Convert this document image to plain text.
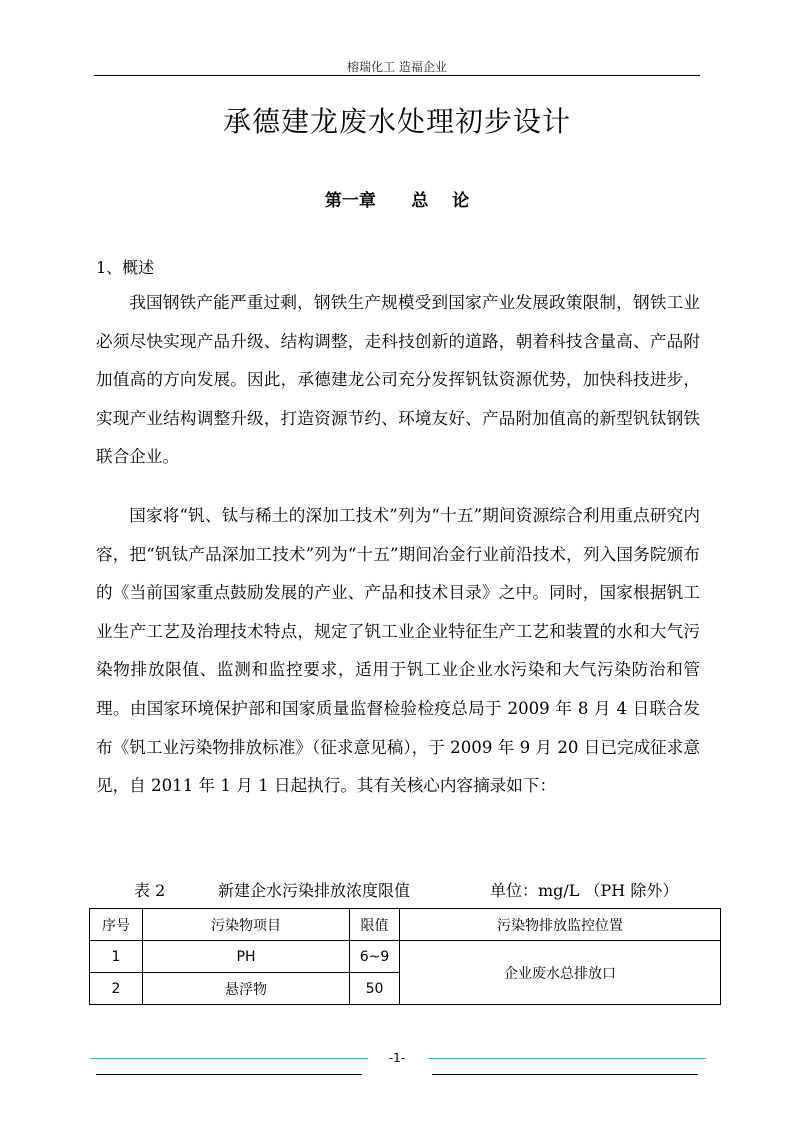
榕瑞化工 造福企业
承德建龙废水处理初步设计
第一章      总    论
1、概述

我国钢铁产能严重过剩，钢铁生产规模受到国家产业发展政策限制，钢铁工业必须尽快实现产品升级、结构调整，走科技创新的道路，朝着科技含量高、产品附加值高的方向发展。因此，承德建龙公司充分发挥钒钛资源优势，加快科技进步，实现产业结构调整升级，打造资源节约、环境友好、产品附加值高的新型钒钛钢铁联合企业。

国家将“钒、钛与稀土的深加工技术”列为“十五”期间资源综合利用重点研究内容，把“钒钛产品深加工技术”列为“十五”期间冶金行业前沿技术，列入国务院颁布的《当前国家重点鼓励发展的产业、产品和技术目录》之中。同时，国家根据钒工业生产工艺及治理技术特点，规定了钒工业企业特征生产工艺和装置的水和大气污染物排放限值、监测和监控要求，适用于钒工业企业水污染和大气污染防治和管理。由国家环境保护部和国家质量监督检验检疫总局于 2009 年 8 月 4 日联合发布《钒工业污染物排放标准》（征求意见稿），于 2009 年 9 月 20 日已完成征求意见，自 2011 年 1 月 1 日起执行。其有关核心内容摘录如下：

表 2	新建企水污染排放浓度限值	单位：mg/L （PH 除外）
序号	污染物项目	限值	污染物排放监控位置
1	PH	6~9	企业废水总排放口
2	悬浮物	50	
-1-
